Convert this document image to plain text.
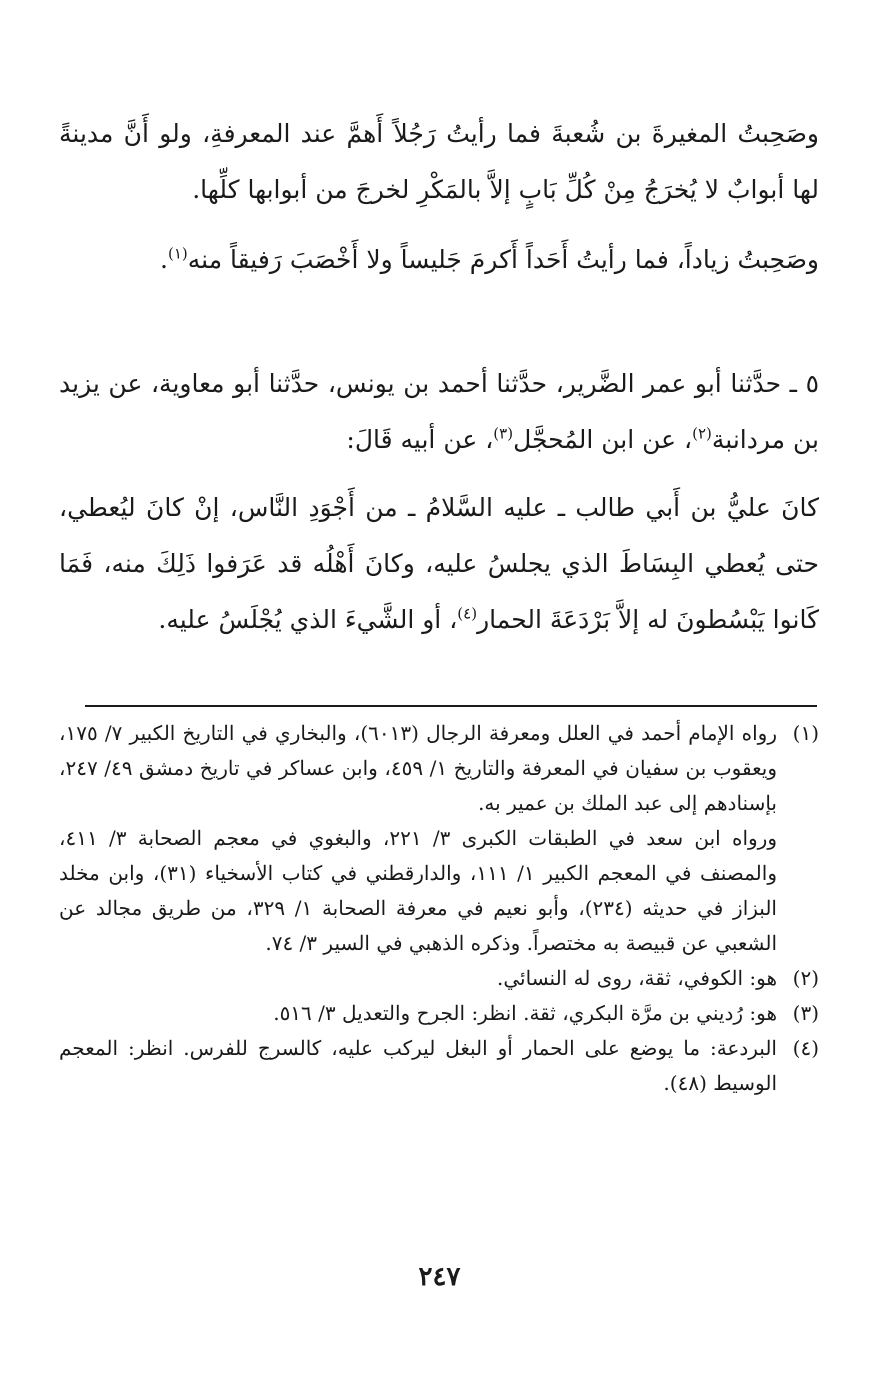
وصَحِبتُ المغيرةَ بن شُعبةَ فما رأيتُ رَجُلاً أَهمَّ عند المعرفةِ، ولو أَنَّ مدينةً لها أبوابٌ لا يُخرَجُ مِنْ كُلِّ بَابٍ إلاَّ بالمَكْرِ لخرجَ من أبوابها كلِّها.
وصَحِبتُ زياداً، فما رأيتُ أَحَداً أَكرمَ جَليساً ولا أَخْصَبَ رَفيقاً منه$^{(١)}$.
٥ ـ حدَّثنا أبو عمر الضَّرير، حدَّثنا أحمد بن يونس، حدَّثنا أبو معاوية، عن يزيد بن مردانبة$^{(٢)}$، عن ابن المُحجَّل$^{(٣)}$، عن أبيه قَالَ:
كانَ عليُّ بن أَبي طالب ـ عليه السَّلامُ ـ من أَجْوَدِ النَّاس، إنْ كانَ ليُعطي، حتى يُعطي البِسَاطَ الذي يجلسُ عليه، وكانَ أَهْلُه قد عَرَفوا ذَلِكَ منه، فَمَا كَانوا يَبْسُطونَ له إلاَّ بَرْدَعَةَ الحمار$^{(٤)}$، أو الشَّيءَ الذي يُجْلَسُ عليه.
(١)

رواه الإمام أحمد في العلل ومعرفة الرجال (٦٠١٣)، والبخاري في التاريخ الكبير ٧/ ١٧٥، ويعقوب بن سفيان في المعرفة والتاريخ ١/ ٤٥٩، وابن عساكر في تاريخ دمشق ٤٩/ ٢٤٧، بإسنادهم إلى عبد الملك بن عمير به.

ورواه ابن سعد في الطبقات الكبرى ٣/ ٢٢١، والبغوي في معجم الصحابة ٣/ ٤١١، والمصنف في المعجم الكبير ١/ ١١١، والدارقطني في كتاب الأسخياء (٣١)، وابن مخلد البزاز في حديثه (٢٣٤)، وأبو نعيم في معرفة الصحابة ١/ ٣٢٩، من طريق مجالد عن الشعبي عن قبيصة به مختصراً. وذكره الذهبي في السير ٣/ ٧٤.

(٢)

هو: الكوفي، ثقة، روى له النسائي.

(٣)

هو: رُديني بن مرَّة البكري، ثقة. انظر: الجرح والتعديل ٣/ ٥١٦.

(٤)

البردعة: ما يوضع على الحمار أو البغل ليركب عليه، كالسرج للفرس. انظر: المعجم الوسيط (٤٨).

٢٤٧
